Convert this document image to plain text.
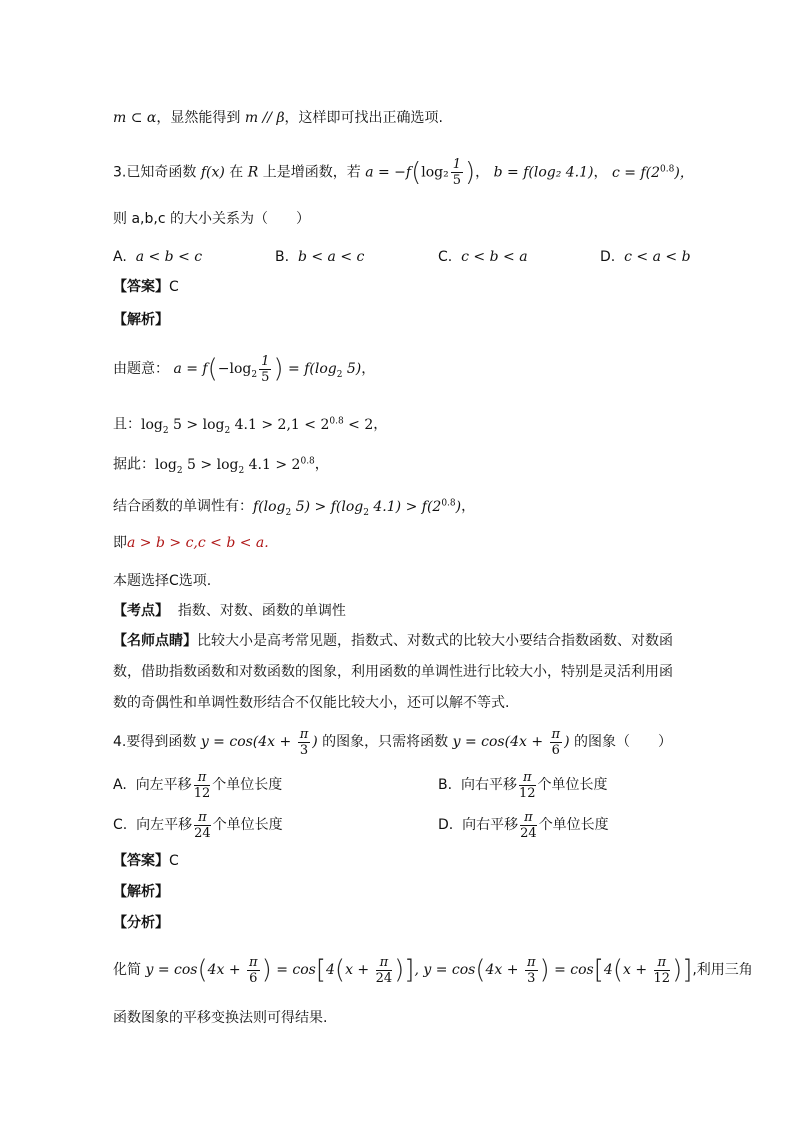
m ⊂ α，显然能得到 m // β，这样即可找出正确选项.
3.已知奇函数 f(x) 在 R 上是增函数，若 $a = -f(\log_2 \frac{1}{5}$ )， b = f(log₂ 4.1)， $c = f(2^{0.8})$，
则 a,b,c 的大小关系为（　　）
A. a < b < c	B. b < a < c	C. c < b < a	D. c < a < b
【答案】C
【解析】
由题意： $a = f(-\log_2 \frac{1}{5}$ ) = $f(\log_2$ 5)，
且：$\log_2 5 > \log_2 4.1 > 2,1 < 2^{0.8} < 2$，
据此：$\log_2 5 > \log_2 4.1 > 2^{0.8}$，
结合函数的单调性有：$f(\log_2$ $5) > f(\log_2$ $4.1) > f(2^{0.8})$，
即a > b > c,c < b < a.
本题选择C选项.
【考点】 指数、对数、函数的单调性
【名师点睛】比较大小是高考常见题，指数式、对数式的比较大小要结合指数函数、对数函
数，借助指数函数和对数函数的图象，利用函数的单调性进行比较大小，特别是灵活利用函
数的奇偶性和单调性数形结合不仅能比较大小，还可以解不等式.
4.要得到函数 $y = \cos(4x + \frac{\pi}{3}$ ) 的图象，只需将函数 $y = \cos(4x + \frac{\pi}{6}$ ) 的图象（　　）
A. 向左平移 $\frac{\pi}{12}$ 个单位长度	B. 向右平移 $\frac{\pi}{12}$ 个单位长度
C. 向左平移 $\frac{\pi}{24}$ 个单位长度	D. 向右平移 $\frac{\pi}{24}$ 个单位长度
【答案】C
【解析】
【分析】
化简 $y = \cos(4x + \frac{\pi}{6}$ ) = $\cos[4(x + \frac{\pi}{24}$ )], $y = \cos(4x + \frac{\pi}{3}$ ) = $\cos[4(x + \frac{\pi}{12}$ )],利用三角
函数图象的平移变换法则可得结果.
